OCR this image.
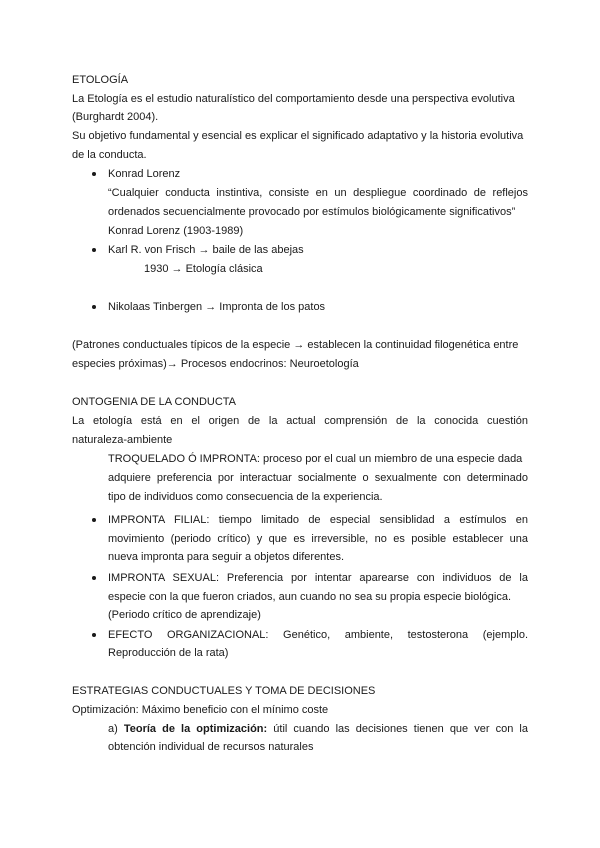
ETOLOGÍA
La Etología es el estudio naturalístico del comportamiento desde una perspectiva evolutiva
(Burghardt 2004).
Su objetivo fundamental y esencial es explicar el significado adaptativo y la historia evolutiva
de la conducta.
Konrad Lorenz
“Cualquier conducta instintiva, consiste en un despliegue coordinado de reflejos
ordenados secuencialmente provocado por estímulos biológicamente significativos”
Konrad Lorenz (1903-1989)
Karl R. von Frisch → baile de las abejas
1930 → Etología clásica
Nikolaas Tinbergen → Impronta de los patos
(Patrones conductuales típicos de la especie → establecen la continuidad filogenética entre
especies próximas)→ Procesos endocrinos: Neuroetología
ONTOGENIA DE LA CONDUCTA
La etología está en el origen de la actual comprensión de la conocida cuestión
naturaleza-ambiente
TROQUELADO Ó IMPRONTA: proceso por el cual un miembro de una especie dada
adquiere preferencia por interactuar socialmente o sexualmente con determinado
tipo de individuos como consecuencia de la experiencia.
IMPRONTA FILIAL: tiempo limitado de especial sensiblidad a estímulos en
movimiento (periodo crítico) y que es irreversible, no es posible establecer una
nueva impronta para seguir a objetos diferentes.
IMPRONTA SEXUAL: Preferencia por intentar aparearse con individuos de la
especie con la que fueron criados, aun cuando no sea su propia especie biológica.
(Periodo crítico de aprendizaje)
EFECTO ORGANIZACIONAL: Genético, ambiente, testosterona (ejemplo.
Reproducción de la rata)
ESTRATEGIAS CONDUCTUALES Y TOMA DE DECISIONES
Optimización: Máximo beneficio con el mínimo coste
a) Teoría de la optimización: útil cuando las decisiones tienen que ver con la
obtención individual de recursos naturales
